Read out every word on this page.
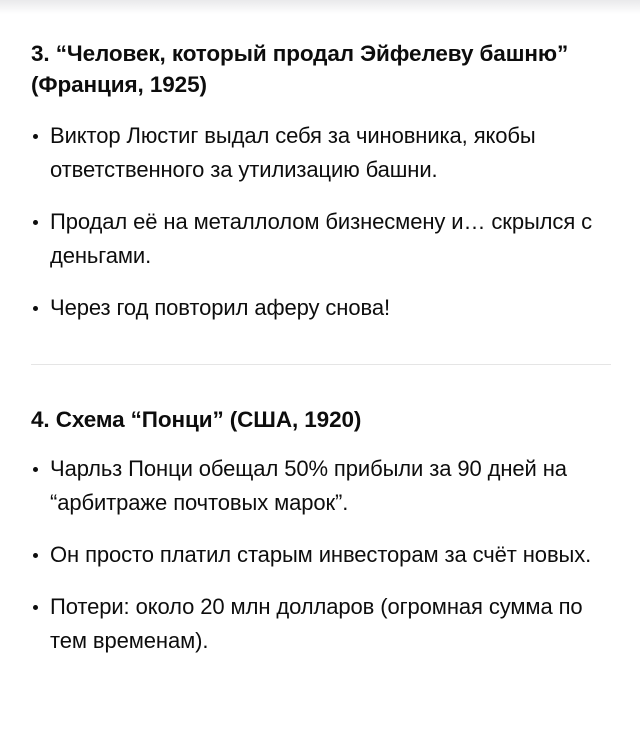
3. “Человек, который продал Эйфелеву башню” (Франция, 1925)
Виктор Люстиг выдал себя за чиновника, якобы ответственного за утилизацию башни.
Продал её на металлолом бизнесмену и… скрылся с деньгами.
Через год повторил аферу снова!
4. Схема “Понци” (США, 1920)
Чарльз Понци обещал 50% прибыли за 90 дней на “арбитраже почтовых марок”.
Он просто платил старым инвесторам за счёт новых.
Потери: около 20 млн долларов (огромная сумма по тем временам).
